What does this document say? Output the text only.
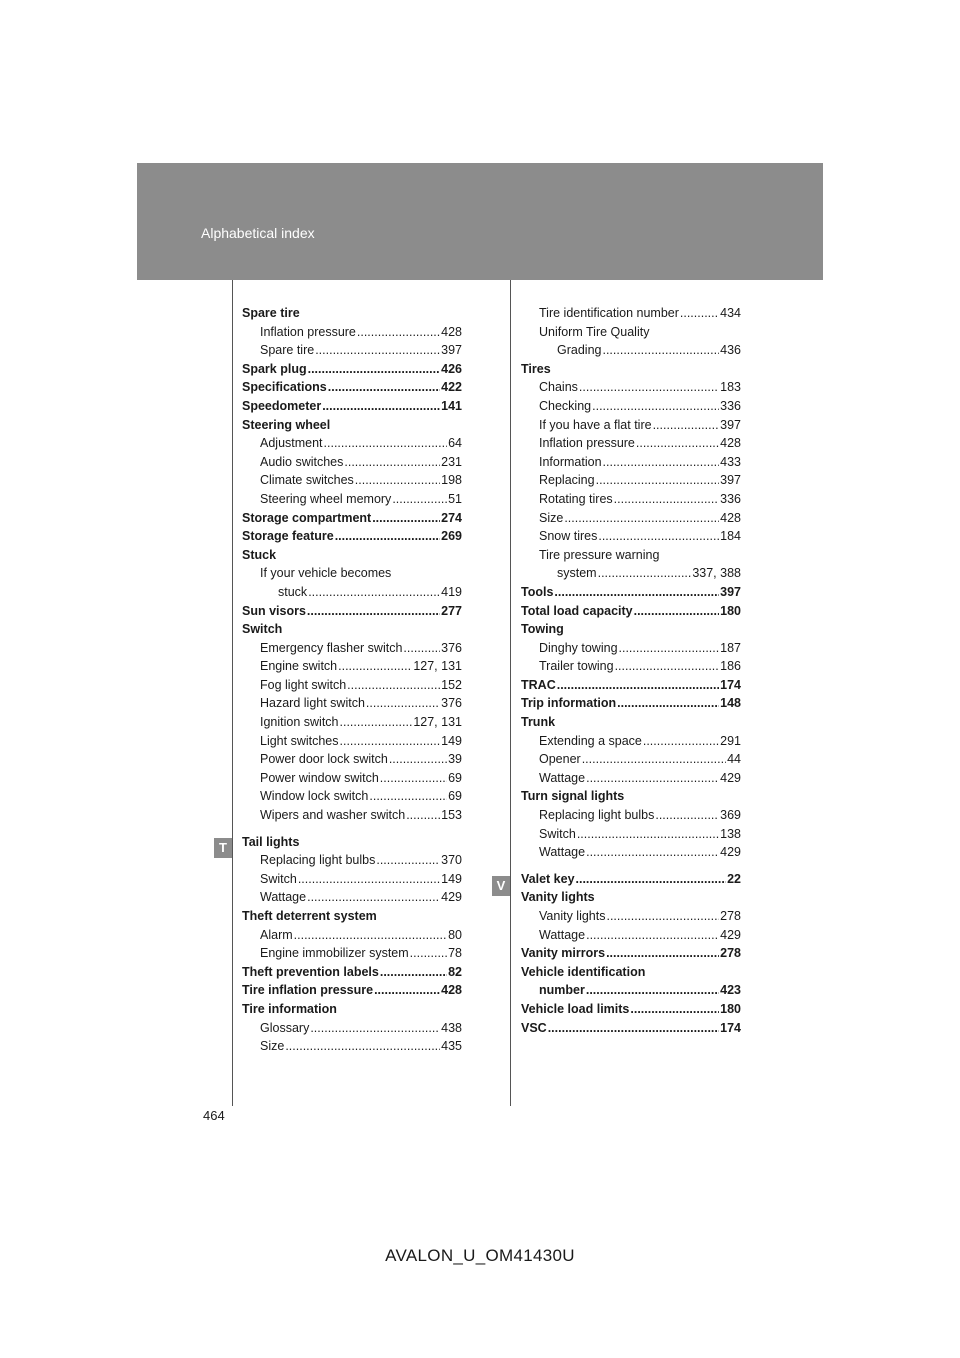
Alphabetical index
T
V
Spare tire
Inflation pressure .....	428
Spare tire .....	397
Spark plug .....	426
Specifications .....	422
Speedometer .....	141
Steering wheel
Adjustment .....	64
Audio switches .....	231
Climate switches .....	198
Steering wheel memory .....	51
Storage compartment .....	274
Storage feature .....	269
Stuck
If your vehicle becomes
stuck .....	419
Sun visors .....	277
Switch
Emergency flasher switch .....	376
Engine switch .....	127, 131
Fog light switch .....	152
Hazard light switch .....	376
Ignition switch .....	127, 131
Light switches .....	149
Power door lock switch .....	39
Power window switch .....	69
Window lock switch .....	69
Wipers and washer switch .....	153
Tail lights
Replacing light bulbs .....	370
Switch .....	149
Wattage .....	429
Theft deterrent system
Alarm .....	80
Engine immobilizer system .....	78
Theft prevention labels .....	82
Tire inflation pressure .....	428
Tire information
Glossary .....	438
Size .....	435
Tire identification number .....	434
Uniform Tire Quality
Grading .....	436
Tires
Chains .....	183
Checking .....	336
If you have a flat tire .....	397
Inflation pressure .....	428
Information .....	433
Replacing .....	397
Rotating tires .....	336
Size .....	428
Snow tires .....	184
Tire pressure warning
system .....	337, 388
Tools .....	397
Total load capacity .....	180
Towing
Dinghy towing .....	187
Trailer towing .....	186
TRAC .....	174
Trip information .....	148
Trunk
Extending a space .....	291
Opener .....	44
Wattage .....	429
Turn signal lights
Replacing light bulbs .....	369
Switch .....	138
Wattage .....	429
Valet key .....	22
Vanity lights
Vanity lights .....	278
Wattage .....	429
Vanity mirrors .....	278
Vehicle identification
number .....	423
Vehicle load limits .....	180
VSC .....	174
464
AVALON_U_OM41430U
